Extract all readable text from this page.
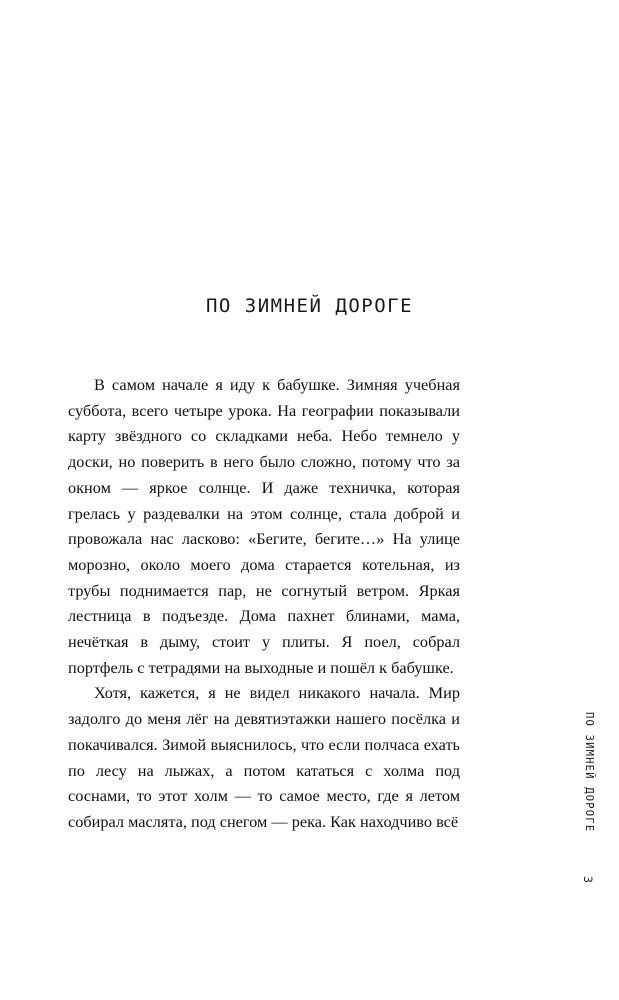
ПО ЗИМНЕЙ ДОРОГЕ

В самом начале я иду к бабушке. Зимняя учебная суббота, всего четыре урока. На географии показывали карту звёздного со складками неба. Небо темнело у доски, но поверить в него было сложно, потому что за окном — яркое солнце. И даже техничка, которая грелась у раздевалки на этом солнце, стала доброй и провожала нас ласково: «Бегите, бегите…» На улице морозно, около моего дома старается котельная, из трубы поднимается пар, не согнутый ветром. Яркая лестница в подъезде. Дома пахнет блинами, мама, нечёткая в дыму, стоит у плиты. Я поел, собрал портфель с тетрадями на выходные и пошёл к бабушке.

Хотя, кажется, я не видел никакого начала. Мир задолго до меня лёг на девятиэтажки нашего посёлка и покачивался. Зимой выяснилось, что если полчаса ехать по лесу на лыжах, а потом кататься с холма под соснами, то этот холм — то самое место, где я летом собирал маслята, под снегом — река. Как находчиво всё	ПО ЗИМНЕЙ ДОРОГЕ
3
